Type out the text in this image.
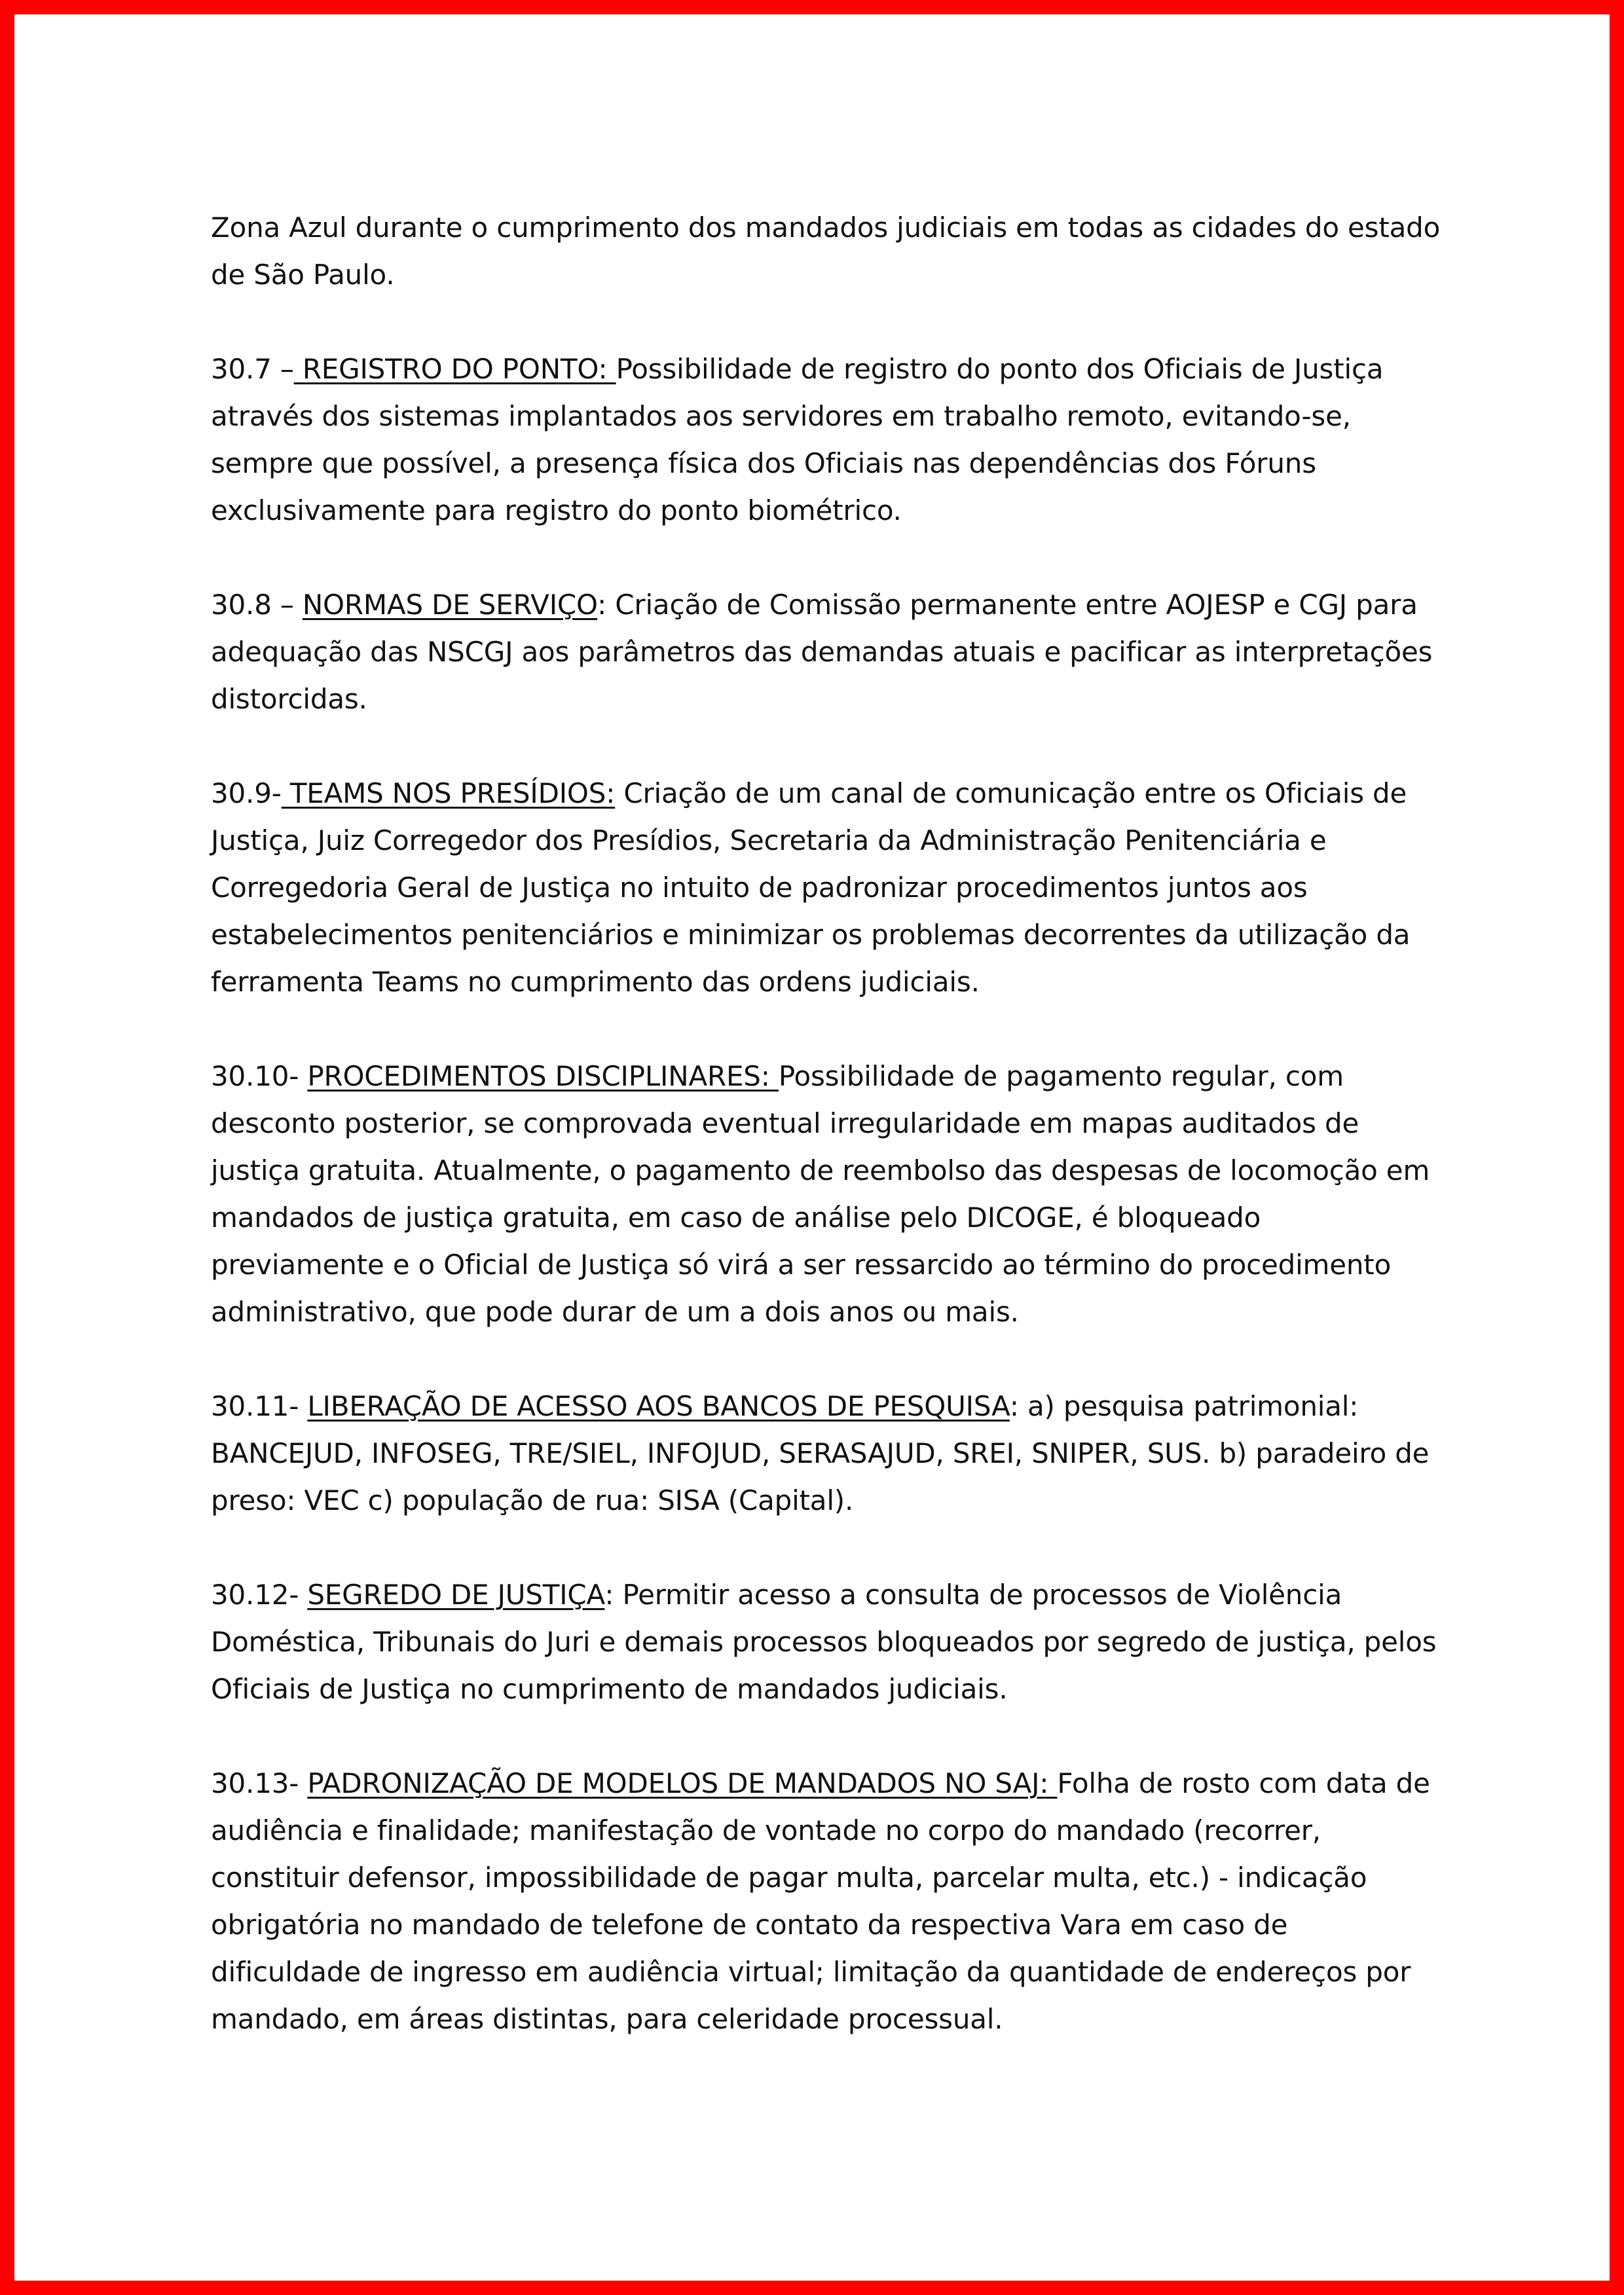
Zona Azul durante o cumprimento dos mandados judiciais em todas as cidades do estado de São Paulo.

30.7 – REGISTRO DO PONTO: Possibilidade de registro do ponto dos Oficiais de Justiça através dos sistemas implantados aos servidores em trabalho remoto, evitando-se, sempre que possível, a presença física dos Oficiais nas dependências dos Fóruns exclusivamente para registro do ponto biométrico.

30.8 – NORMAS DE SERVIÇO: Criação de Comissão permanente entre AOJESP e CGJ para adequação das NSCGJ aos parâmetros das demandas atuais e pacificar as interpretações distorcidas.

30.9- TEAMS NOS PRESÍDIOS: Criação de um canal de comunicação entre os Oficiais de Justiça, Juiz Corregedor dos Presídios, Secretaria da Administração Penitenciária e Corregedoria Geral de Justiça no intuito de padronizar procedimentos juntos aos estabelecimentos penitenciários e minimizar os problemas decorrentes da utilização da ferramenta Teams no cumprimento das ordens judiciais.

30.10- PROCEDIMENTOS DISCIPLINARES: Possibilidade de pagamento regular, com desconto posterior, se comprovada eventual irregularidade em mapas auditados de justiça gratuita. Atualmente, o pagamento de reembolso das despesas de locomoção em mandados de justiça gratuita, em caso de análise pelo DICOGE, é bloqueado previamente e o Oficial de Justiça só virá a ser ressarcido ao término do procedimento administrativo, que pode durar de um a dois anos ou mais.

30.11- LIBERAÇÃO DE ACESSO AOS BANCOS DE PESQUISA: a) pesquisa patrimonial: BANCEJUD, INFOSEG, TRE/SIEL, INFOJUD, SERASAJUD, SREI, SNIPER, SUS. b) paradeiro de preso: VEC c) população de rua: SISA (Capital).

30.12- SEGREDO DE JUSTIÇA: Permitir acesso a consulta de processos de Violência Doméstica, Tribunais do Juri e demais processos bloqueados por segredo de justiça, pelos Oficiais de Justiça no cumprimento de mandados judiciais.

30.13- PADRONIZAÇÃO DE MODELOS DE MANDADOS NO SAJ: Folha de rosto com data de audiência e finalidade; manifestação de vontade no corpo do mandado (recorrer, constituir defensor, impossibilidade de pagar multa, parcelar multa, etc.) - indicação obrigatória no mandado de telefone de contato da respectiva Vara em caso de dificuldade de ingresso em audiência virtual; limitação da quantidade de endereços por mandado, em áreas distintas, para celeridade processual.
